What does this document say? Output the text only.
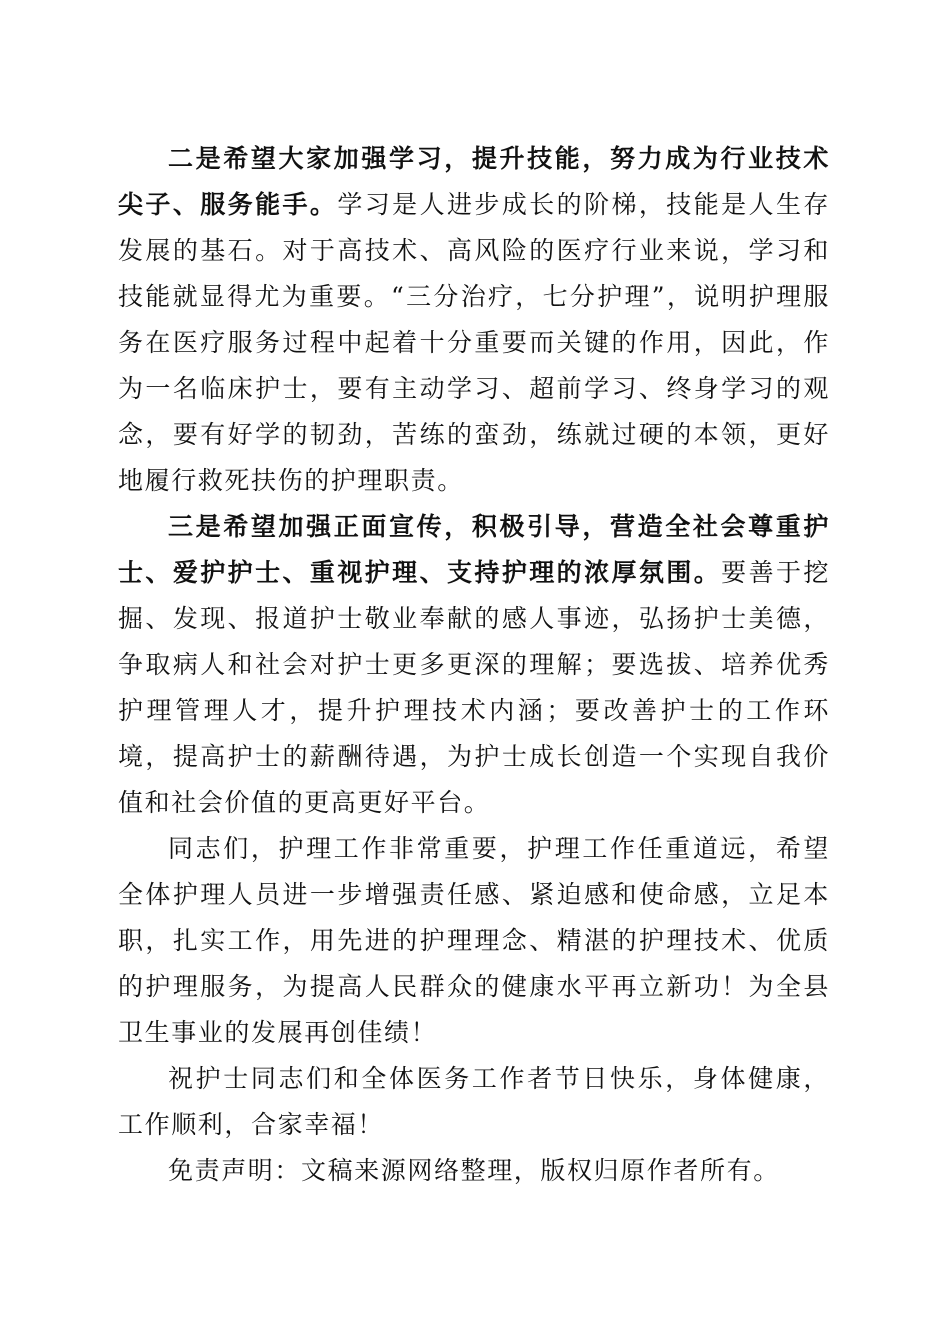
二是希望大家加强学习，提升技能，努力成为行业技术尖子、服务能手。学习是人进步成长的阶梯，技能是人生存发展的基石。对于高技术、高风险的医疗行业来说，学习和技能就显得尤为重要。“三分治疗，七分护理”，说明护理服务在医疗服务过程中起着十分重要而关键的作用，因此，作为一名临床护士，要有主动学习、超前学习、终身学习的观念，要有好学的韧劲，苦练的蛮劲，练就过硬的本领，更好地履行救死扶伤的护理职责。

三是希望加强正面宣传，积极引导，营造全社会尊重护士、爱护护士、重视护理、支持护理的浓厚氛围。要善于挖掘、发现、报道护士敬业奉献的感人事迹，弘扬护士美德，争取病人和社会对护士更多更深的理解；要选拔、培养优秀护理管理人才，提升护理技术内涵；要改善护士的工作环境，提高护士的薪酬待遇，为护士成长创造一个实现自我价值和社会价值的更高更好平台。

同志们，护理工作非常重要，护理工作任重道远，希望全体护理人员进一步增强责任感、紧迫感和使命感，立足本职，扎实工作，用先进的护理理念、精湛的护理技术、优质的护理服务，为提高人民群众的健康水平再立新功！为全县卫生事业的发展再创佳绩！

祝护士同志们和全体医务工作者节日快乐，身体健康，工作顺利，合家幸福！

免责声明：文稿来源网络整理，版权归原作者所有。
